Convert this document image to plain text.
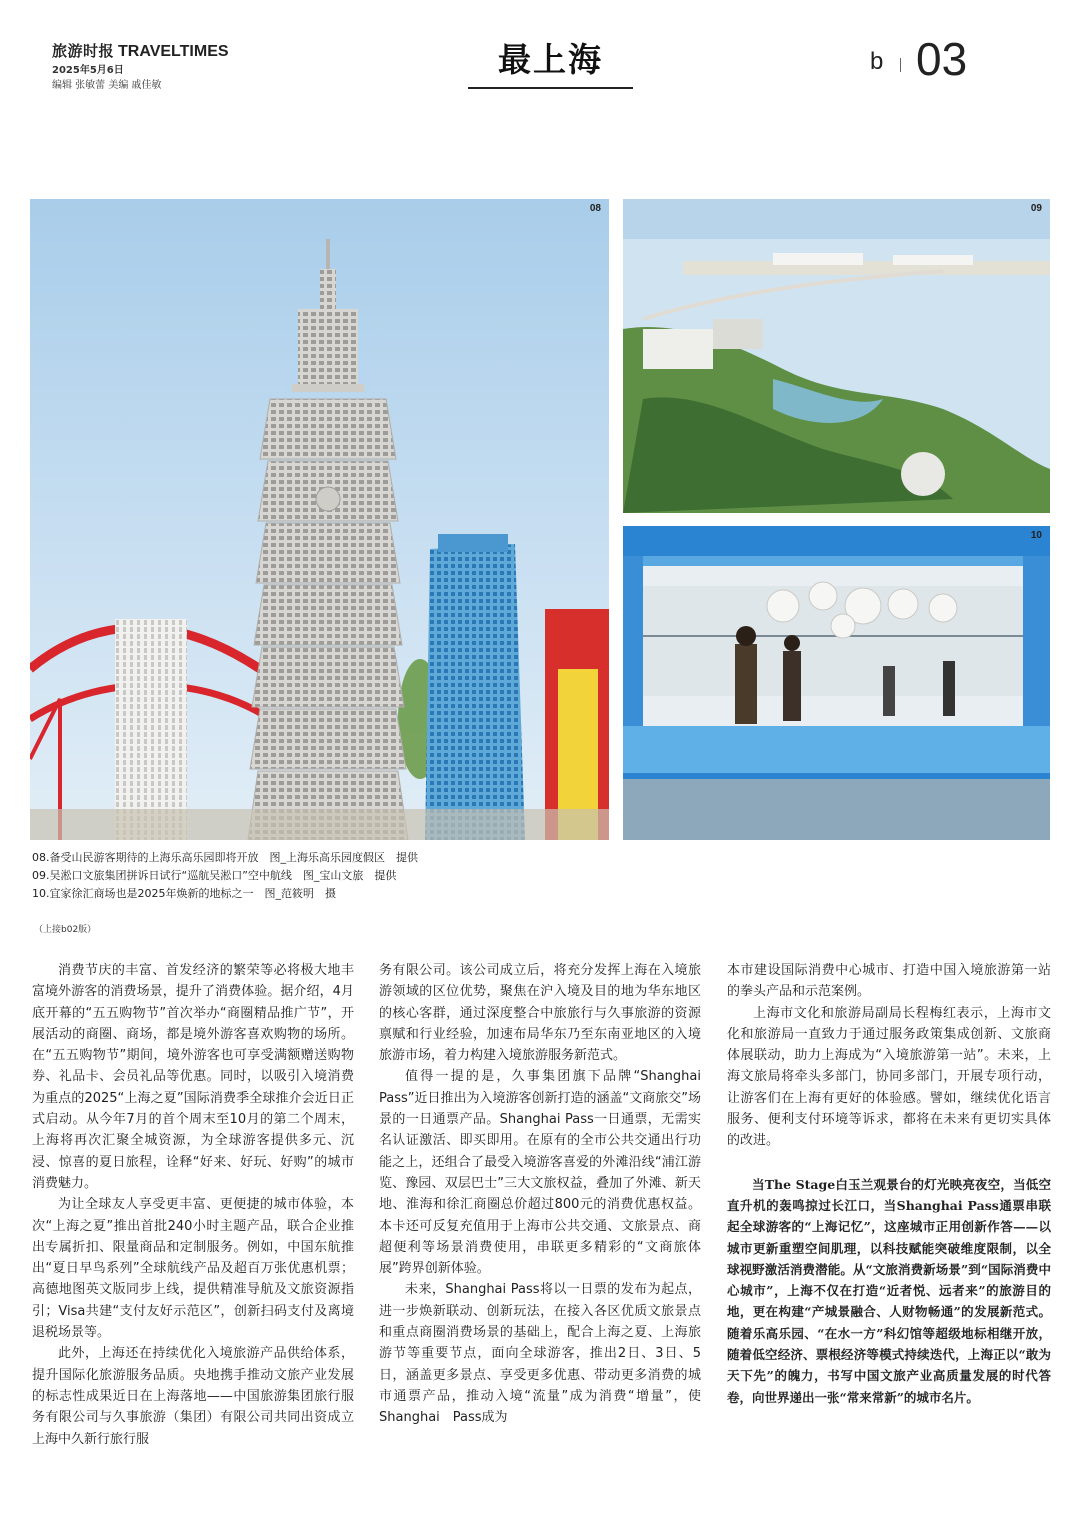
旅游时报 TRAVELTIMES
2025年5月6日
编辑 张敏蕾 美编 戚佳敏
最上海	b 03
08	09
10
08.备受山民游客期待的上海乐高乐园即将开放　图_上海乐高乐园度假区　提供
09.吴淞口文旅集团拼诉日试行“巡航吴淞口”空中航线　图_宝山文旅　提供
10.宜家徐汇商场也是2025年焕新的地标之一　图_范筱明　摄
（上接b02版）

消费节庆的丰富、首发经济的繁荣等必将极大地丰富境外游客的消费场景，提升了消费体验。据介绍，4月底开幕的“五五购物节”首次举办“商圈精品推广节”，开展活动的商圈、商场，都是境外游客喜欢购物的场所。在“五五购物节”期间，境外游客也可享受满额赠送购物券、礼品卡、会员礼品等优惠。同时，以吸引入境消费为重点的2025“上海之夏”国际消费季全球推介会近日正式启动。从今年7月的首个周末至10月的第二个周末，上海将再次汇聚全城资源，为全球游客提供多元、沉浸、惊喜的夏日旅程，诠释“好来、好玩、好购”的城市消费魅力。

为让全球友人享受更丰富、更便捷的城市体验，本次“上海之夏”推出首批240小时主题产品，联合企业推出专属折扣、限量商品和定制服务。例如，中国东航推出“夏日早鸟系列”全球航线产品及超百万张优惠机票；高德地图英文版同步上线，提供精准导航及文旅资源指引；Visa共建“支付友好示范区”，创新扫码支付及离境退税场景等。

此外，上海还在持续优化入境旅游产品供给体系，提升国际化旅游服务品质。央地携手推动文旅产业发展的标志性成果近日在上海落地——中国旅游集团旅行服务有限公司与久事旅游（集团）有限公司共同出资成立上海中久新行旅行服

务有限公司。该公司成立后，将充分发挥上海在入境旅游领域的区位优势，聚焦在沪入境及目的地为华东地区的核心客群，通过深度整合中旅旅行与久事旅游的资源禀赋和行业经验，加速布局华东乃至东南亚地区的入境旅游市场，着力构建入境旅游服务新范式。

值得一提的是，久事集团旗下品牌“Shanghai Pass”近日推出为入境游客创新打造的涵盖“文商旅交”场景的一日通票产品。Shanghai Pass一日通票，无需实名认证激活、即买即用。在原有的全市公共交通出行功能之上，还组合了最受入境游客喜爱的外滩沿线“浦江游览、豫园、双层巴士”三大文旅权益，叠加了外滩、新天地、淮海和徐汇商圈总价超过800元的消费优惠权益。本卡还可反复充值用于上海市公共交通、文旅景点、商超便利等场景消费使用，串联更多精彩的“文商旅体展”跨界创新体验。

未来，Shanghai Pass将以一日票的发布为起点，进一步焕新联动、创新玩法，在接入各区优质文旅景点和重点商圈消费场景的基础上，配合上海之夏、上海旅游节等重要节点，面向全球游客，推出2日、3日、5日，涵盖更多景点、享受更多优惠、带动更多消费的城市通票产品，推动入境“流量”成为消费“增量”，使Shanghai　Pass成为

本市建设国际消费中心城市、打造中国入境旅游第一站的拳头产品和示范案例。

上海市文化和旅游局副局长程梅红表示，上海市文化和旅游局一直致力于通过服务政策集成创新、文旅商体展联动，助力上海成为“入境旅游第一站”。未来，上海文旅局将牵头多部门，协同多部门，开展专项行动，让游客们在上海有更好的体验感。譬如，继续优化语言服务、便利支付环境等诉求，都将在未来有更切实具体的改进。

当The Stage白玉兰观景台的灯光映亮夜空，当低空直升机的轰鸣掠过长江口，当Shanghai Pass通票串联起全球游客的“上海记忆”，这座城市正用创新作答——以城市更新重塑空间肌理，以科技赋能突破维度限制，以全球视野激活消费潜能。从“文旅消费新场景”到“国际消费中心城市”，上海不仅在打造“近者悦、远者来”的旅游目的地，更在构建“产城景融合、人财物畅通”的发展新范式。随着乐高乐园、“在水一方”科幻馆等超级地标相继开放，随着低空经济、票根经济等模式持续迭代，上海正以“敢为天下先”的魄力，书写中国文旅产业高质量发展的时代答卷，向世界递出一张“常来常新”的城市名片。
